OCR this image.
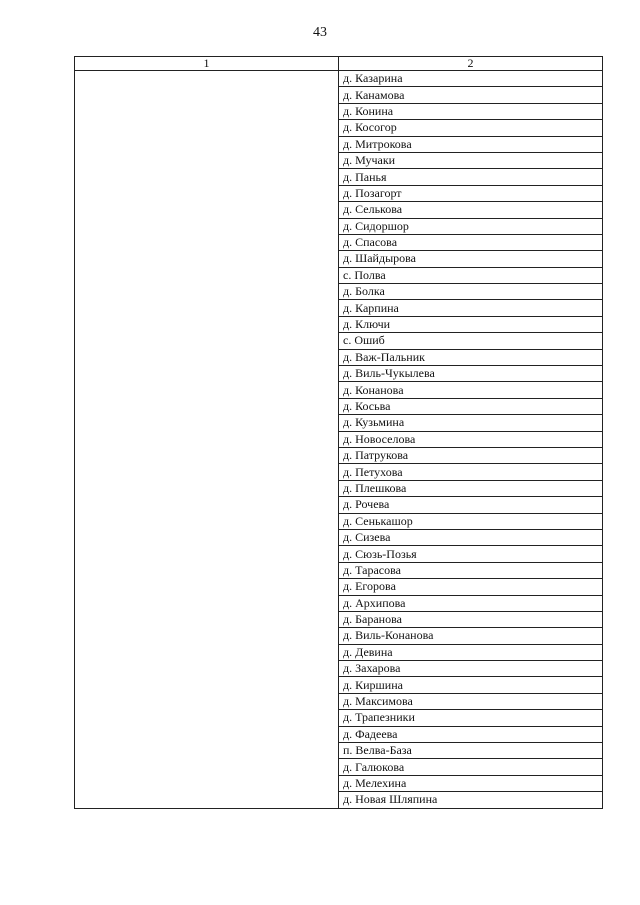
43
1	2
	д. Казарина
	д. Канамова
	д. Конина
	д. Косогор
	д. Митрокова
	д. Мучаки
	д. Панья
	д. Позагорт
	д. Селькова
	д. Сидоршор
	д. Спасова
	д. Шайдырова
	с. Полва
	д. Болка
	д. Карпина
	д. Ключи
	с. Ошиб
	д. Важ-Пальник
	д. Виль-Чукылева
	д. Конанова
	д. Косьва
	д. Кузьмина
	д. Новоселова
	д. Патрукова
	д. Петухова
	д. Плешкова
	д. Рочева
	д. Сенькашор
	д. Сизева
	д. Сюзь-Позья
	д. Тарасова
	д. Егорова
	д. Архипова
	д. Баранова
	д. Виль-Конанова
	д. Девина
	д. Захарова
	д. Киршина
	д. Максимова
	д. Трапезники
	д. Фадеева
	п. Велва-База
	д. Галюкова
	д. Мелехина
	д. Новая Шляпина
